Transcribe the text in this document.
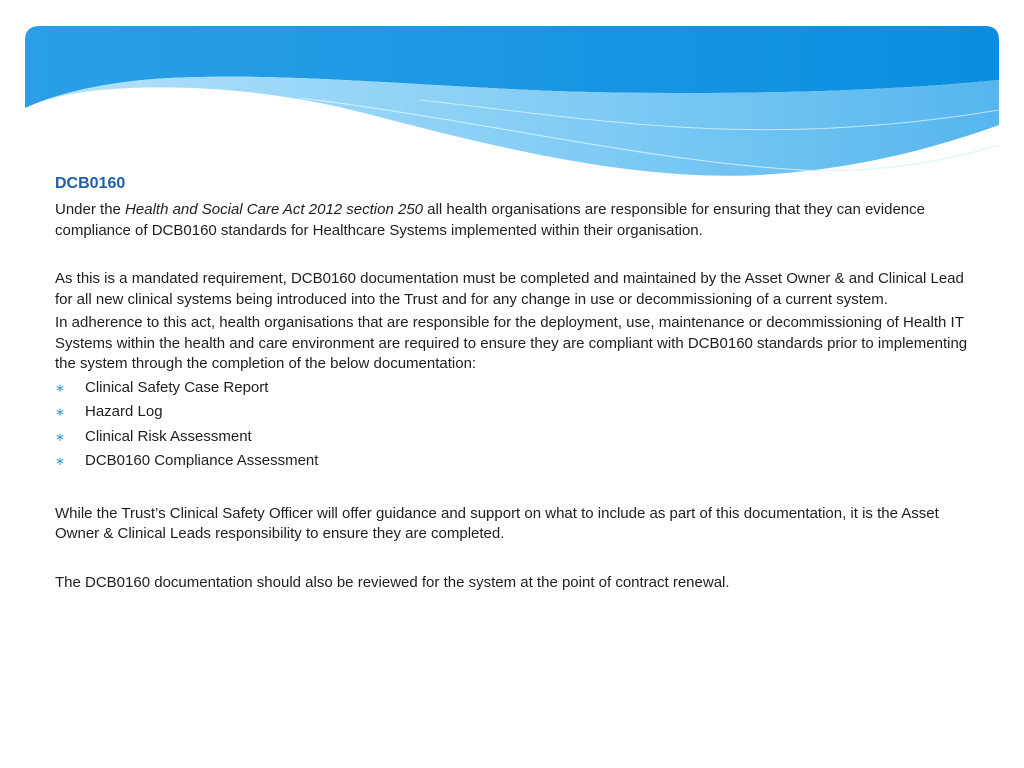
DCB0160

Under the Health and Social Care Act 2012 section 250 all health organisations are responsible for ensuring that they can evidence compliance of DCB0160 standards for Healthcare Systems implemented within their organisation.

As this is a mandated requirement, DCB0160 documentation must be completed and maintained by the Asset Owner & and Clinical Lead for all new clinical systems being introduced into the Trust and for any change in use or decommissioning of a current system.

In adherence to this act, health organisations that are responsible for the deployment, use, maintenance or decommissioning of Health IT Systems within the health and care environment are required to ensure they are compliant with DCB0160 standards prior to implementing the system through the completion of the below documentation:

∗ Clinical Safety Case Report
∗ Hazard Log
∗ Clinical Risk Assessment
∗ DCB0160 Compliance Assessment

While the Trust’s Clinical Safety Officer will offer guidance and support on what to include as part of this documentation, it is the Asset Owner & Clinical Leads responsibility to ensure they are completed.

The DCB0160 documentation should also be reviewed for the system at the point of contract renewal.
